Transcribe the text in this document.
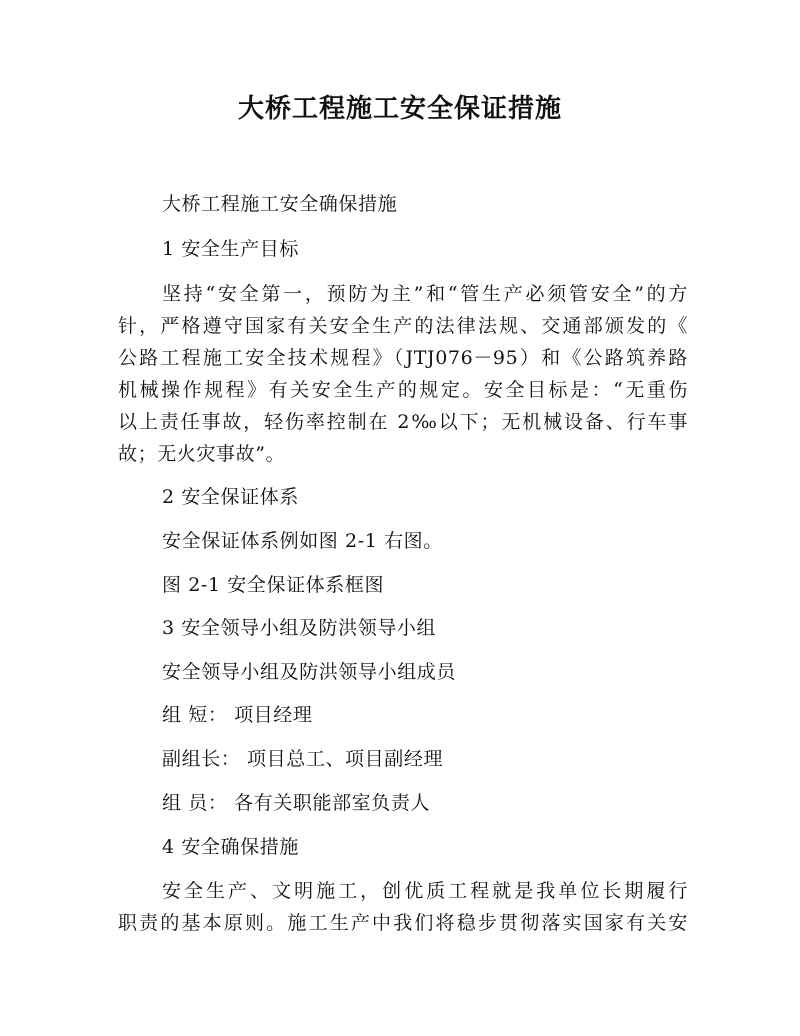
大桥工程施工安全保证措施
大桥工程施工安全确保措施
1 安全生产目标
坚持“安全第一，预防为主”和“管生产必须管安全”的方
针，严格遵守国家有关安全生产的法律法规、交通部颁发的《
公路工程施工安全技术规程》（JTJ076－95）和《公路筑养路
机械操作规程》有关安全生产的规定。安全目标是：“无重伤
以上责任事故，轻伤率控制在 2‰以下；无机械设备、行车事
故；无火灾事故”。
2 安全保证体系
安全保证体系例如图 2-1 右图。
图 2-1 安全保证体系框图
3 安全领导小组及防洪领导小组
安全领导小组及防洪领导小组成员
组 短： 项目经理
副组长： 项目总工、项目副经理
组 员： 各有关职能部室负责人
4 安全确保措施
安全生产、文明施工，创优质工程就是我单位长期履行
职责的基本原则。施工生产中我们将稳步贯彻落实国家有关安
